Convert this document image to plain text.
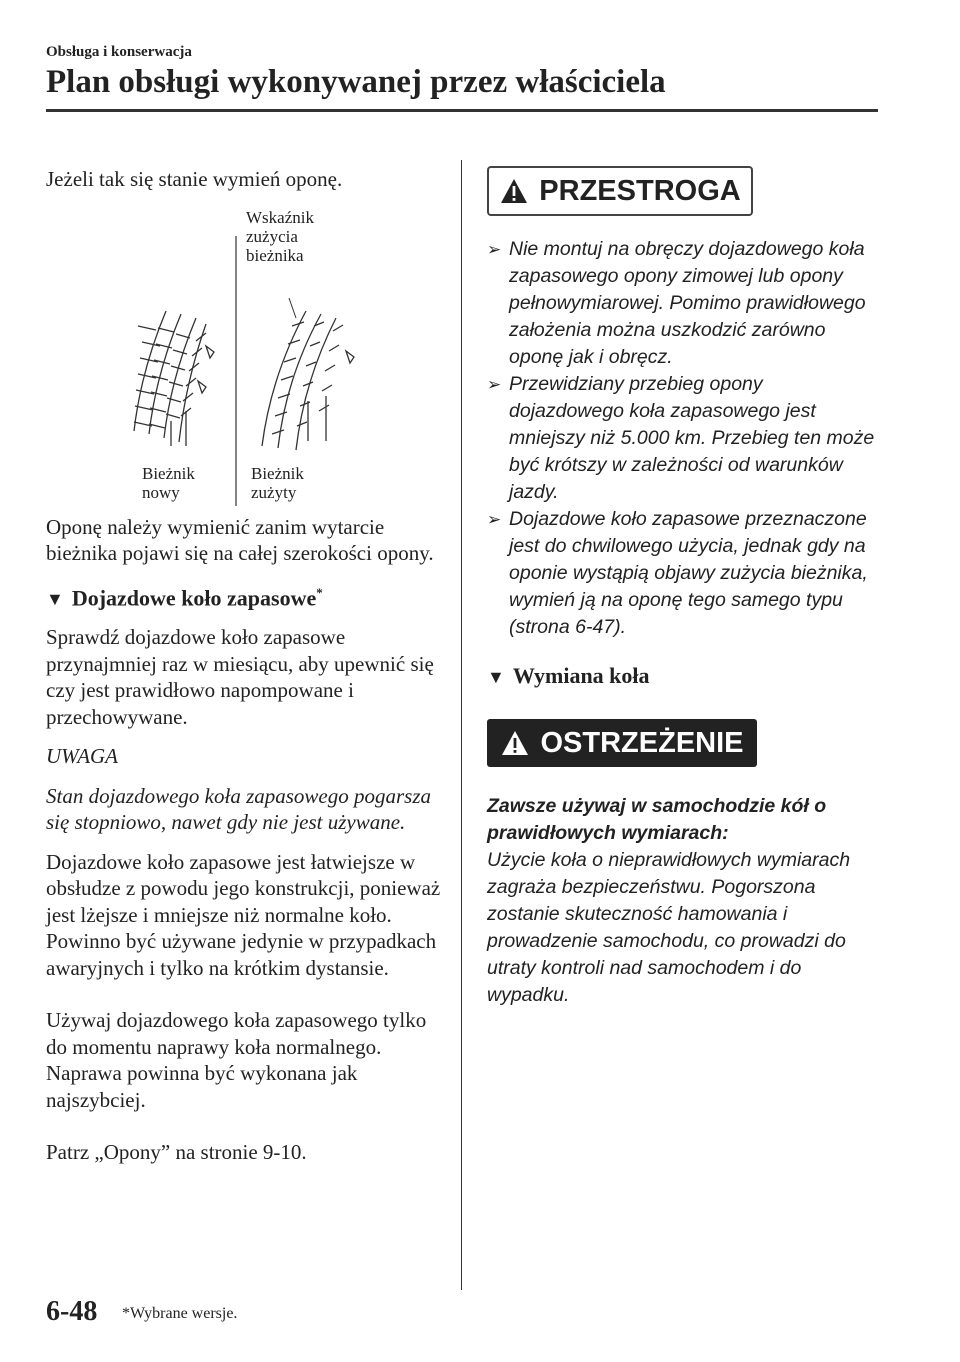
Obsługa i konserwacja
Plan obsługi wykonywanej przez właściciela

Jeżeli tak się stanie wymień oponę.

Wskaźnik zużycia bieżnika
Bieżnik nowy
Bieżnik zużyty

Oponę należy wymienić zanim wytarcie bieżnika pojawi się na całej szerokości opony.

▼ Dojazdowe koło zapasowe*

Sprawdź dojazdowe koło zapasowe przynajmniej raz w miesiącu, aby upewnić się czy jest prawidłowo napompowane i przechowywane.

UWAGA

Stan dojazdowego koła zapasowego pogarsza się stopniowo, nawet gdy nie jest używane.

Dojazdowe koło zapasowe jest łatwiejsze w obsłudze z powodu jego konstrukcji, ponieważ jest lżejsze i mniejsze niż normalne koło. Powinno być używane jedynie w przypadkach awaryjnych i tylko na krótkim dystansie.

Używaj dojazdowego koła zapasowego tylko do momentu naprawy koła normalnego. Naprawa powinna być wykonana jak najszybciej.

Patrz „Opony” na stronie 9-10.

PRZESTROGA
➢ Nie montuj na obręczy dojazdowego koła zapasowego opony zimowej lub opony pełnowymiarowej. Pomimo prawidłowego założenia można uszkodzić zarówno oponę jak i obręcz.
➢ Przewidziany przebieg opony dojazdowego koła zapasowego jest mniejszy niż 5.000 km. Przebieg ten może być krótszy w zależności od warunków jazdy.
➢ Dojazdowe koło zapasowe przeznaczone jest do chwilowego użycia, jednak gdy na oponie wystąpią objawy zużycia bieżnika, wymień ją na oponę tego samego typu (strona 6-47).
▼ Wymiana koła
OSTRZEŻENIE
Zawsze używaj w samochodzie kół o prawidłowych wymiarach:
Użycie koła o nieprawidłowych wymiarach zagraża bezpieczeństwu. Pogorszona zostanie skuteczność hamowania i prowadzenie samochodu, co prowadzi do utraty kontroli nad samochodem i do wypadku.
6-48 *Wybrane wersje.
